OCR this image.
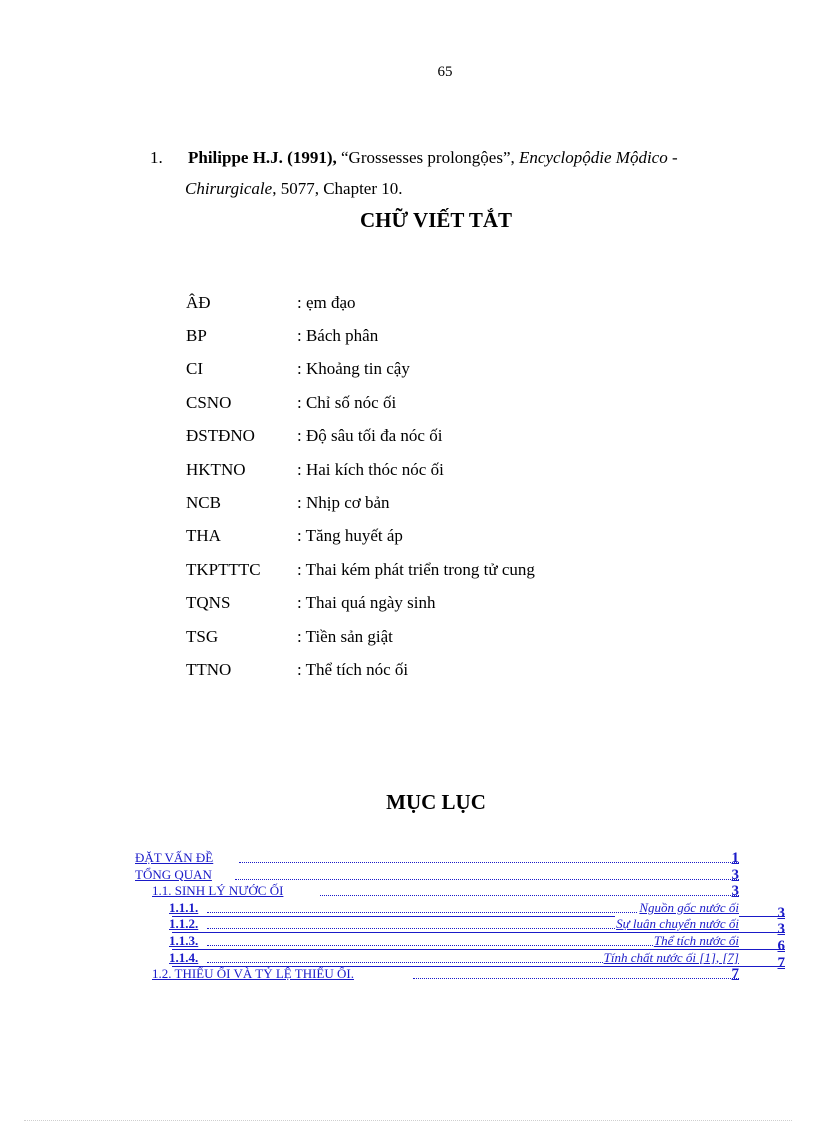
65
1. Philippe H.J. (1991), “Grossesses prolongộes”, Encyclopộdie Mộdico -
Chirurgicale, 5077, Chapter 10.
CHỮ VIẾT TẮT
ÂĐ	: ẹm đạo
BP	: Bách phân
CI	: Khoảng tin cậy
CSNO	: Chỉ số nóc ối
ĐSTĐNO	: Độ sâu tối đa nóc ối
HKTNO	: Hai kích thóc nóc ối
NCB	: Nhịp cơ bản
THA	: Tăng huyết áp
TKPTTTC	: Thai kém phát triển trong tử cung
TQNS	: Thai quá ngày sinh
TSG	: Tiền sản giật
TTNO	: Thể tích nóc ối
MỤC LỤC
ĐẶT VẤN ĐỀ	1
TỔNG QUAN	3
1.1. SINH LÝ NƯỚC ỐI	3
1.1.1.	Nguồn gốc nước ối	3
1.1.2.	Sự luân chuyển nước ối	3
1.1.3.	Thể tích nước ối	6
1.1.4.	Tính chất nước ối [1], [7]	7
1.2. THIỂU ỐI VÀ TỶ LỆ THIỂU ỐI.	7
